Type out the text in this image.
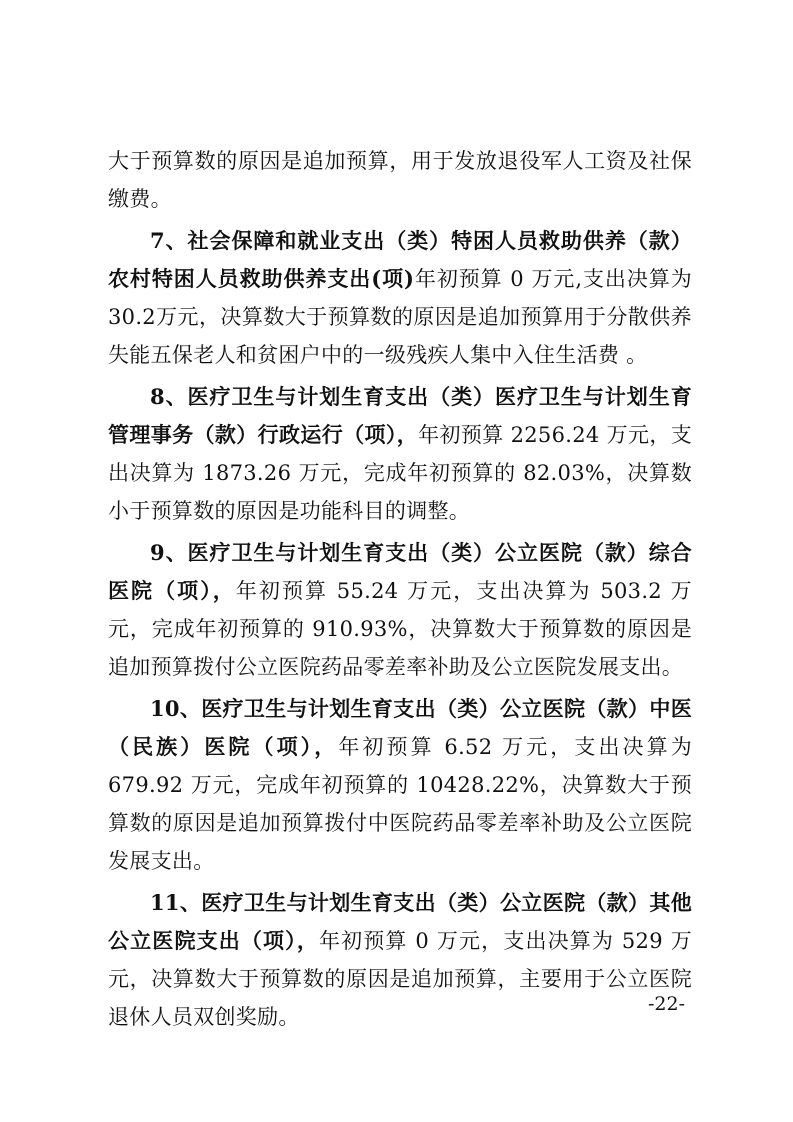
大于预算数的原因是追加预算，用于发放退役军人工资及社保缴费。

7、社会保障和就业支出（类）特困人员救助供养（款） 农村特困人员救助供养支出(项)年初预算 0 万元,支出决算为 30.2万元，决算数大于预算数的原因是追加预算用于分散供养失能五保老人和贫困户中的一级残疾人集中入住生活费 。

8、医疗卫生与计划生育支出（类）医疗卫生与计划生育管理事务（款）行政运行（项），年初预算 2256.24 万元，支出决算为 1873.26 万元，完成年初预算的 82.03%，决算数小于预算数的原因是功能科目的调整。

9、医疗卫生与计划生育支出（类）公立医院（款）综合医院（项），年初预算 55.24 万元，支出决算为 503.2 万元，完成年初预算的 910.93%，决算数大于预算数的原因是追加预算拨付公立医院药品零差率补助及公立医院发展支出。

10、医疗卫生与计划生育支出（类）公立医院（款）中医（民族）医院（项），年初预算 6.52 万元，支出决算为 679.92 万元，完成年初预算的 10428.22%，决算数大于预算数的原因是追加预算拨付中医院药品零差率补助及公立医院发展支出。

11、医疗卫生与计划生育支出（类）公立医院（款）其他公立医院支出（项），年初预算 0 万元，支出决算为 529 万元，决算数大于预算数的原因是追加预算，主要用于公立医院退休人员双创奖励。

-22-
